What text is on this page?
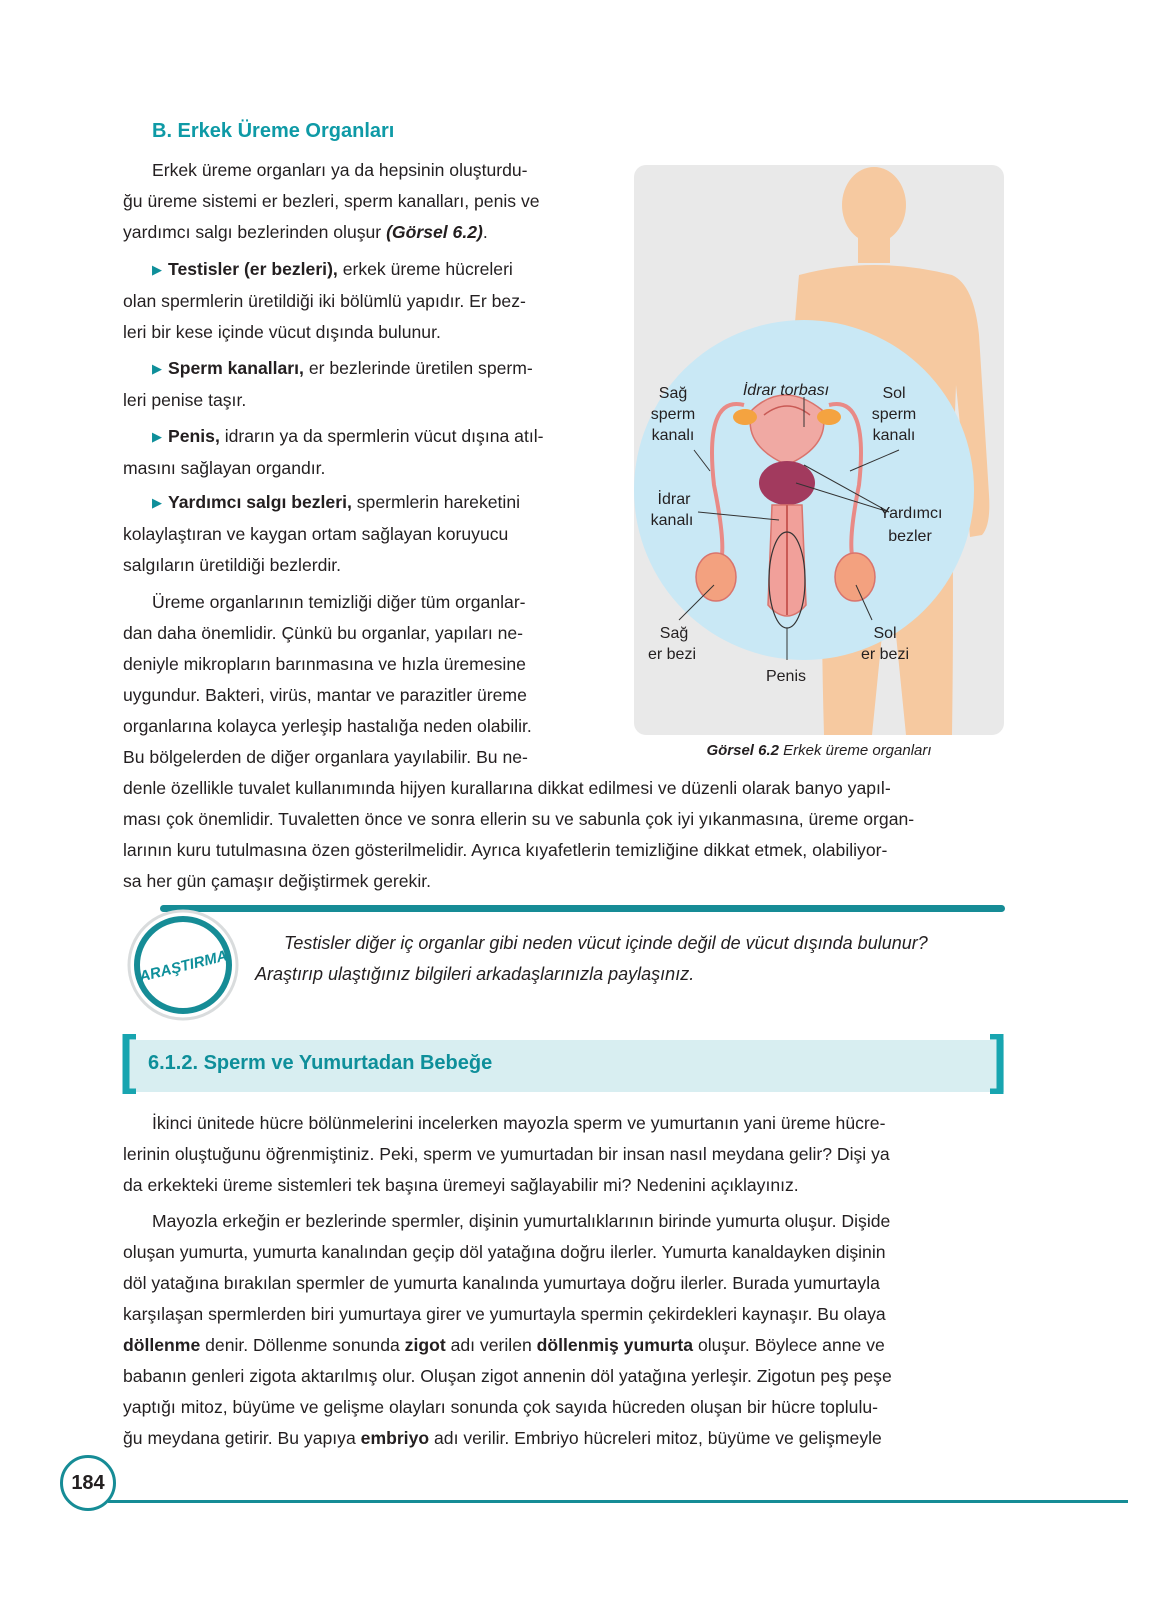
B. Erkek Üreme Organları
Erkek üreme organları ya da hepsinin oluşturdu-
ğu üreme sistemi er bezleri, sperm kanalları, penis ve
yardımcı salgı bezlerinden oluşur (Görsel 6.2).
▶ Testisler (er bezleri), erkek üreme hücreleri
olan spermlerin üretildiği iki bölümlü yapıdır. Er bez-
leri bir kese içinde vücut dışında bulunur.
▶ Sperm kanalları, er bezlerinde üretilen sperm-
leri penise taşır.
▶ Penis, idrarın ya da spermlerin vücut dışına atıl-
masını sağlayan organdır.
▶ Yardımcı salgı bezleri, spermlerin hareketini
kolaylaştıran ve kaygan ortam sağlayan koruyucu
salgıların üretildiği bezlerdir.
Üreme organlarının temizliği diğer tüm organlar-
dan daha önemlidir. Çünkü bu organlar, yapıları ne-
deniyle mikropların barınmasına ve hızla üremesine
uygundur. Bakteri, virüs, mantar ve parazitler üreme
organlarına kolayca yerleşip hastalığa neden olabilir.
Bu bölgelerden de diğer organlara yayılabilir. Bu ne-
denle özellikle tuvalet kullanımında hijyen kurallarına dikkat edilmesi ve düzenli olarak banyo yapıl-
ması çok önemlidir. Tuvaletten önce ve sonra ellerin su ve sabunla çok iyi yıkanmasına, üreme organ-
larının kuru tutulmasına özen gösterilmelidir. Ayrıca kıyafetlerin temizliğine dikkat etmek, olabiliyor-
sa her gün çamaşır değiştirmek gerekir.
Sağ
sperm
kanalı
İdrar torbası	Sol
sperm
kanalı
İdrar
kanalı	Yardımcı
bezler
Sağ
er bezi
Sol
er bezi
Penis

Görsel 6.2 Erkek üreme organları

ARAŞTIRMA
Testisler diğer iç organlar gibi neden vücut içinde değil de vücut dışında bulunur?
Araştırıp ulaştığınız bilgileri arkadaşlarınızla paylaşınız.
6.1.2. Sperm ve Yumurtadan Bebeğe
İkinci ünitede hücre bölünmelerini incelerken mayozla sperm ve yumurtanın yani üreme hücre-
lerinin oluştuğunu öğrenmiştiniz. Peki, sperm ve yumurtadan bir insan nasıl meydana gelir? Dişi ya
da erkekteki üreme sistemleri tek başına üremeyi sağlayabilir mi? Nedenini açıklayınız.
Mayozla erkeğin er bezlerinde spermler, dişinin yumurtalıklarının birinde yumurta oluşur. Dişide
oluşan yumurta, yumurta kanalından geçip döl yatağına doğru ilerler. Yumurta kanaldayken dişinin
döl yatağına bırakılan spermler de yumurta kanalında yumurtaya doğru ilerler. Burada yumurtayla
karşılaşan spermlerden biri yumurtaya girer ve yumurtayla spermin çekirdekleri kaynaşır. Bu olaya
döllenme denir. Döllenme sonunda zigot adı verilen döllenmiş yumurta oluşur. Böylece anne ve
babanın genleri zigota aktarılmış olur. Oluşan zigot annenin döl yatağına yerleşir. Zigotun peş peşe
yaptığı mitoz, büyüme ve gelişme olayları sonunda çok sayıda hücreden oluşan bir hücre toplulu-
ğu meydana getirir. Bu yapıya embriyo adı verilir. Embriyo hücreleri mitoz, büyüme ve gelişmeyle
184
